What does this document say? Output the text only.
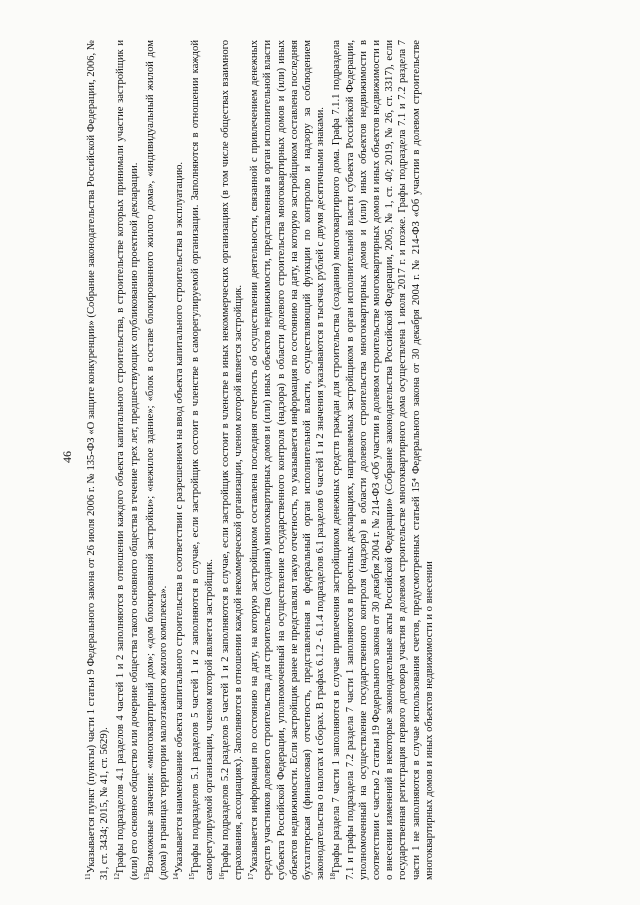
46

$^{11}$Указывается пункт (пункты) части 1 статьи 9 Федерального закона от 26 июля 2006 г. № 135-ФЗ «О защите конкуренции» (Собрание законодательства Российской Федерации, 2006, № 31, ст. 3434; 2015, № 41, ст. 5629). $^{12}$Графы подразделов 4.1 разделов 4 частей 1 и 2 заполняются в отношении каждого объекта капитального строительства, в строительстве которых принимали участие застройщик и (или) его основное общество или дочерние общества такого основного общества в течение трех лет, предшествующих опубликованию проектной декларации. $^{13}$Возможные значения: «многоквартирный дом»; «дом блокированной застройки»; «нежилое здание»; «блок в составе блокированного жилого дома», «индивидуальный жилой дом (дома) в границах территории малоэтажного жилого комплекса». $^{14}$Указывается наименование объекта капитального строительства в соответствии с разрешением на ввод объекта капитального строительства в эксплуатацию.

$^{15}$Графы подразделов 5.1 разделов 5 частей 1 и 2 заполняются в случае, если застройщик состоит в членстве в саморегулируемой организации. Заполняются в отношении каждой саморегулируемой организации, членом которой является застройщик. $^{16}$Графы подразделов 5.2 разделов 5 частей 1 и 2 заполняются в случае, если застройщик состоит в членстве в иных некоммерческих организациях (в том числе обществах взаимного страхования, ассоциациях). Заполняются в отношении каждой некоммерческой организации, членом которой является застройщик. $^{17}$Указывается информация по состоянию на дату, на которую застройщиком составлена последняя отчетность об осуществлении деятельности, связанной с привлечением денежных средств участников долевого строительства для строительства (создания) многоквартирных домов и (или) иных объектов недвижимости, представленная в орган исполнительной власти субъекта Российской Федерации, уполномоченный на осуществление государственного контроля (надзора) в области долевого строительства многоквартирных домов и (или) иных объектов недвижимости. Если застройщик ранее не представлял такую отчетность, то указывается информация по состоянию на дату, на которую застройщиком составлена последняя бухгалтерская (финансовая) отчетность, представленная в федеральный орган исполнительной власти, осуществляющий функции по контролю и надзору за соблюдением законодательства о налогах и сборах. В графах 6.1.2 - 6.1.4 подразделов 6.1 разделов 6 частей 1 и 2 значения указываются в тысячах рублей с двумя десятичными знаками. $^{18}$Графы раздела 7 части 1 заполняются в случае привлечения застройщиком денежных средств граждан для строительства (создания) многоквартирного дома. Графа 7.1.1 подраздела 7.1 и графы подраздела 7.2 раздела 7 части 1 заполняются в проектных декларациях, направляемых застройщиком в орган исполнительной власти субъекта Российской Федерации, уполномоченный на осуществление государственного контроля (надзора) в области долевого строительства многоквартирных домов и (или) иных объектов недвижимости в соответствии с частью 2 статьи 19 Федерального закона от 30 декабря 2004 г. № 214-ФЗ «Об участии в долевом строительстве многоквартирных домов и иных объектов недвижимости и о внесении изменений в некоторые законодательные акты Российской Федерации» (Собрание законодательства Российской Федерации, 2005, № 1, ст. 40; 2019, № 26, ст. 3317), если государственная регистрация первого договора участия в долевом строительстве многоквартирного дома осуществлена 1 июля 2017 г. и позже. Графы подраздела 7.1 и 7.2 раздела 7 части 1 не заполняются в случае использования счетов, предусмотренных статьей 15⁴ Федерального закона от 30 декабря 2004 г. № 214-ФЗ «Об участии в долевом строительстве многоквартирных домов и иных объектов недвижимости и о внесении
